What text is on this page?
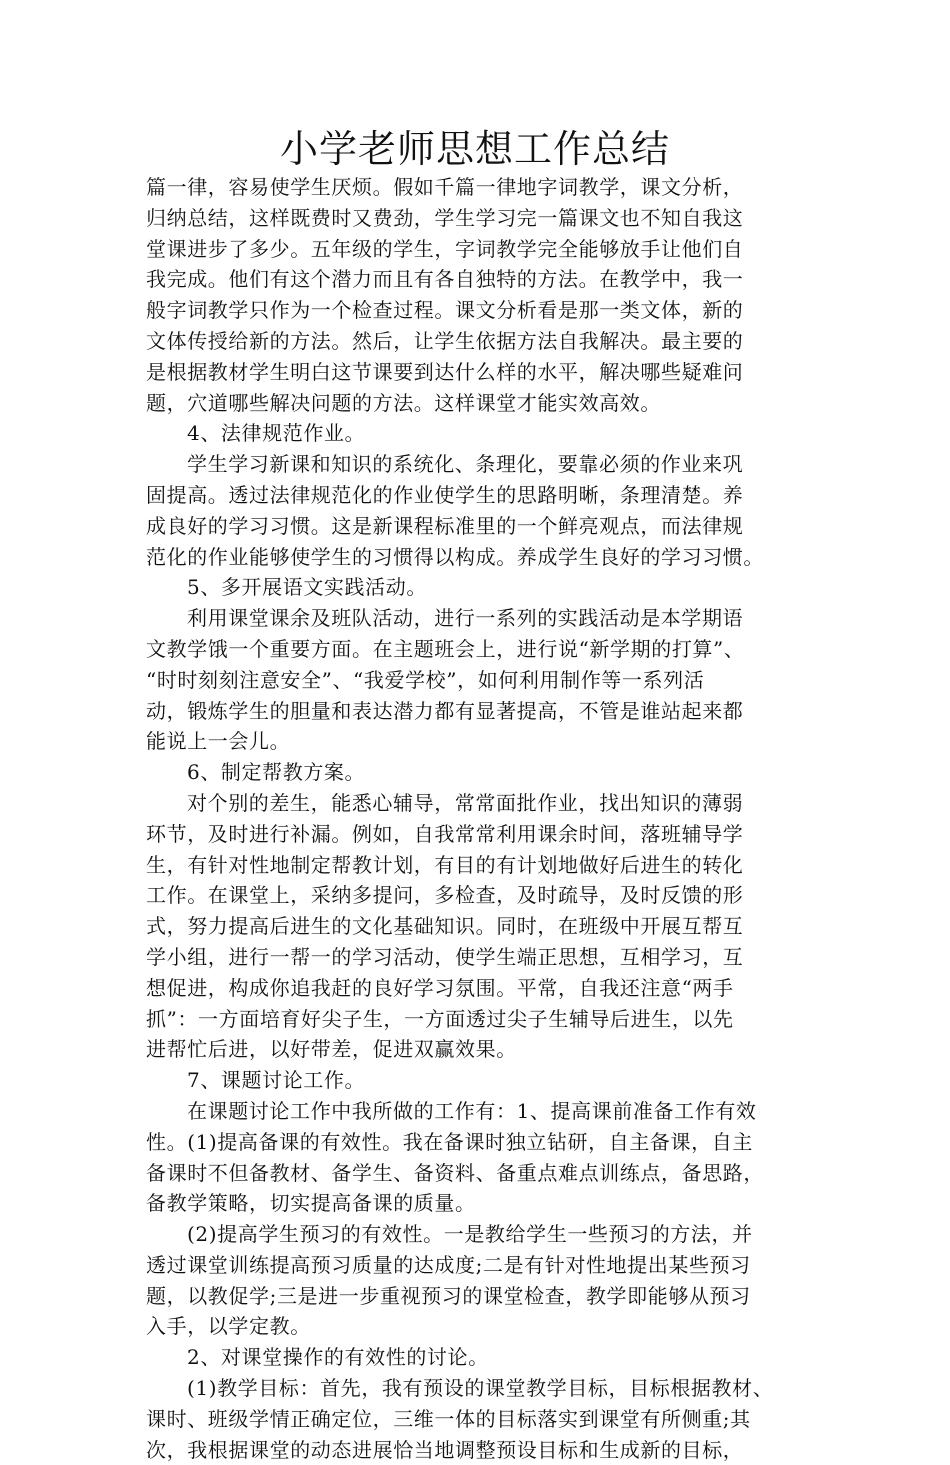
小学老师思想工作总结
篇一律，容易使学生厌烦。假如千篇一律地字词教学，课文分析，
归纳总结，这样既费时又费劲，学生学习完一篇课文也不知自我这
堂课进步了多少。五年级的学生，字词教学完全能够放手让他们自
我完成。他们有这个潜力而且有各自独特的方法。在教学中，我一
般字词教学只作为一个检查过程。课文分析看是那一类文体，新的
文体传授给新的方法。然后，让学生依据方法自我解决。最主要的
是根据教材学生明白这节课要到达什么样的水平，解决哪些疑难问
题，穴道哪些解决问题的方法。这样课堂才能实效高效。
4、法律规范作业。
学生学习新课和知识的系统化、条理化，要靠必须的作业来巩
固提高。透过法律规范化的作业使学生的思路明晰，条理清楚。养
成良好的学习习惯。这是新课程标准里的一个鲜亮观点，而法律规
范化的作业能够使学生的习惯得以构成。养成学生良好的学习习惯。
5、多开展语文实践活动。
利用课堂课余及班队活动，进行一系列的实践活动是本学期语
文教学饿一个重要方面。在主题班会上，进行说“新学期的打算”、
“时时刻刻注意安全”、“我爱学校”，如何利用制作等一系列活
动，锻炼学生的胆量和表达潜力都有显著提高，不管是谁站起来都
能说上一会儿。
6、制定帮教方案。
对个别的差生，能悉心辅导，常常面批作业，找出知识的薄弱
环节，及时进行补漏。例如，自我常常利用课余时间，落班辅导学
生，有针对性地制定帮教计划，有目的有计划地做好后进生的转化
工作。在课堂上，采纳多提问，多检查，及时疏导，及时反馈的形
式，努力提高后进生的文化基础知识。同时，在班级中开展互帮互
学小组，进行一帮一的学习活动，使学生端正思想，互相学习，互
想促进，构成你追我赶的良好学习氛围。平常，自我还注意“两手
抓”：一方面培育好尖子生，一方面透过尖子生辅导后进生，以先
进帮忙后进，以好带差，促进双赢效果。
7、课题讨论工作。
在课题讨论工作中我所做的工作有：1、提高课前准备工作有效
性。(1)提高备课的有效性。我在备课时独立钻研，自主备课，自主
备课时不但备教材、备学生、备资料、备重点难点训练点，备思路，
备教学策略，切实提高备课的质量。
(2)提高学生预习的有效性。一是教给学生一些预习的方法，并
透过课堂训练提高预习质量的达成度;二是有针对性地提出某些预习
题，以教促学;三是进一步重视预习的课堂检查，教学即能够从预习
入手，以学定教。
2、对课堂操作的有效性的讨论。
(1)教学目标：首先，我有预设的课堂教学目标，目标根据教材、
课时、班级学情正确定位，三维一体的目标落实到课堂有所侧重;其
次，我根据课堂的动态进展恰当地调整预设目标和生成新的目标，
